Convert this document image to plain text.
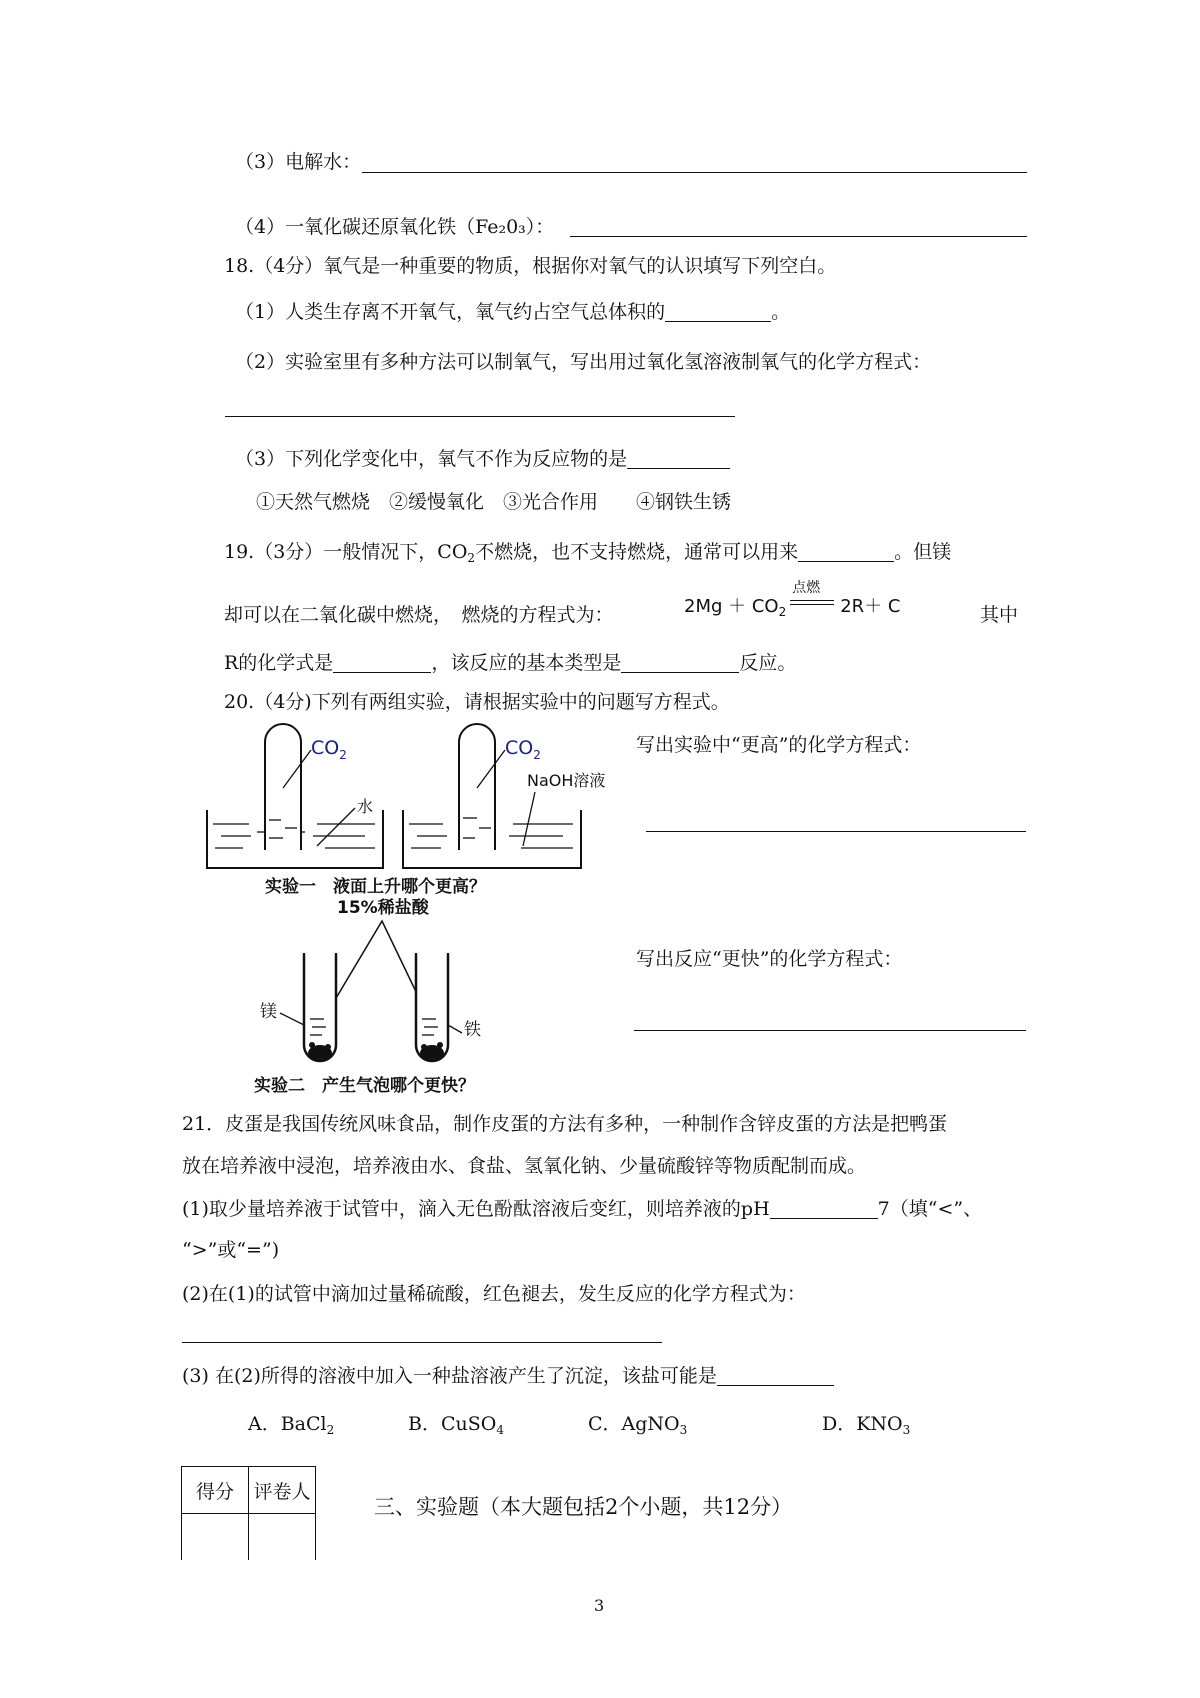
（3）电解水：
（4）一氧化碳还原氧化铁（Fe₂0₃）：
18.（4分）氧气是一种重要的物质，根据你对氧气的认识填写下列空白。
（1）人类生存离不开氧气，氧气约占空气总体积的	。
（2）实验室里有多种方法可以制氧气，写出用过氧化氢溶液制氧气的化学方程式：
（3）下列化学变化中，氧气不作为反应物的是
①天然气燃烧　②缓慢氧化　③光合作用　　④钢铁生锈
19.（3分）一般情况下，$CO_2$不燃烧，也不支持燃烧，通常可以用来	。但镁
却可以在二氧化碳中燃烧，　燃烧的方程式为：	$2Mg + CO_2$
点燃
2R＋ C	其中
R的化学式是	，该反应的基本类型是	反应。
20.（4分)下列有两组实验，请根据实验中的问题写方程式。
$CO_2$
水
$CO_2$
NaOH溶液
实验一　液面上升哪个更高？
15%稀盐酸
镁
铁
实验二　产生气泡哪个更快？
写出实验中“更高”的化学方程式：
写出反应“更快”的化学方程式：
21．皮蛋是我国传统风味食品，制作皮蛋的方法有多种，一种制作含锌皮蛋的方法是把鸭蛋
放在培养液中浸泡，培养液由水、食盐、氢氧化钠、少量硫酸锌等物质配制而成。
(1)取少量培养液于试管中，滴入无色酚酞溶液后变红，则培养液的pH	7（填“<”、
“>”或“=”)
(2)在(1)的试管中滴加过量稀硫酸，红色褪去，发生反应的化学方程式为：
(3) 在(2)所得的溶液中加入一种盐溶液产生了沉淀，该盐可能是
A．BaCl$_2$	B．CuSO$_4$	C．AgNO$_3$	D．$KNO_3$
得分	评卷人

三、实验题（本大题包括2个小题，共12分）
3
